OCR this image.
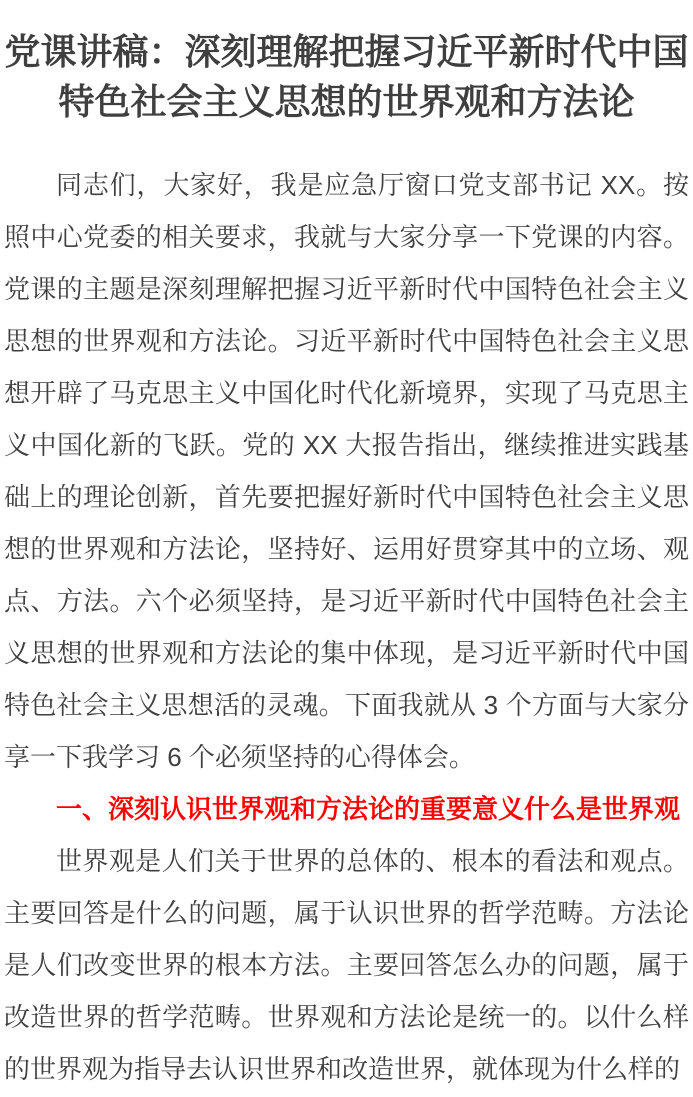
党课讲稿：深刻理解把握习近平新时代中国特色社会主义思想的世界观和方法论

同志们，大家好，我是应急厅窗口党支部书记 XX。按照中心党委的相关要求，我就与大家分享一下党课的内容。党课的主题是深刻理解把握习近平新时代中国特色社会主义思想的世界观和方法论。习近平新时代中国特色社会主义思想开辟了马克思主义中国化时代化新境界，实现了马克思主义中国化新的飞跃。党的 XX 大报告指出，继续推进实践基础上的理论创新，首先要把握好新时代中国特色社会主义思想的世界观和方法论，坚持好、运用好贯穿其中的立场、观点、方法。六个必须坚持，是习近平新时代中国特色社会主义思想的世界观和方法论的集中体现，是习近平新时代中国特色社会主义思想活的灵魂。下面我就从 3 个方面与大家分享一下我学习 6 个必须坚持的心得体会。

一、深刻认识世界观和方法论的重要意义什么是世界观

世界观是人们关于世界的总体的、根本的看法和观点。主要回答是什么的问题，属于认识世界的哲学范畴。方法论是人们改变世界的根本方法。主要回答怎么办的问题，属于改造世界的哲学范畴。世界观和方法论是统一的。以什么样的世界观为指导去认识世界和改造世界，就体现为什么样的
